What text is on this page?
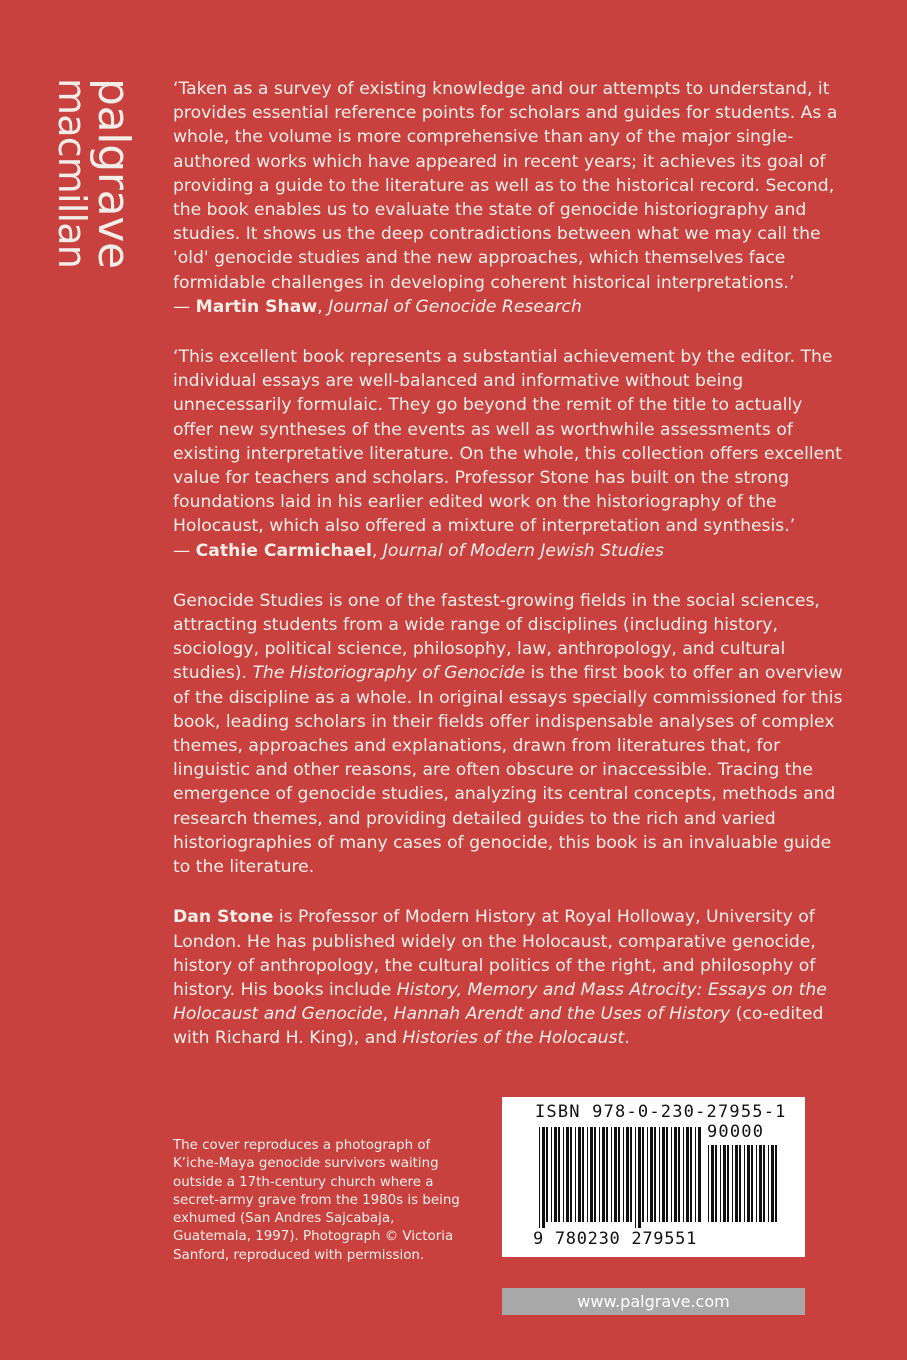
palgrave
macmillan	‘Taken as a survey of existing knowledge and our attempts to understand, it provides essential reference points for scholars and guides for students. As a whole, the volume is more comprehensive than any of the major single-authored works which have appeared in recent years; it achieves its goal of providing a guide to the literature as well as to the historical record. Second, the book enables us to evaluate the state of genocide historiography and studies. It shows us the deep contradictions between what we may call the 'old' genocide studies and the new approaches, which themselves face formidable challenges in developing coherent historical interpretations.’
— Martin Shaw, Journal of Genocide Research
‘This excellent book represents a substantial achievement by the editor. The individual essays are well-balanced and informative without being unnecessarily formulaic. They go beyond the remit of the title to actually offer new syntheses of the events as well as worthwhile assessments of existing interpretative literature. On the whole, this collection offers excellent value for teachers and scholars. Professor Stone has built on the strong foundations laid in his earlier edited work on the historiography of the Holocaust, which also offered a mixture of interpretation and synthesis.’
— Cathie Carmichael, Journal of Modern Jewish Studies
Genocide Studies is one of the fastest-growing fields in the social sciences, attracting students from a wide range of disciplines (including history, sociology, political science, philosophy, law, anthropology, and cultural studies). The Historiography of Genocide is the first book to offer an overview of the discipline as a whole. In original essays specially commissioned for this book, leading scholars in their fields offer indispensable analyses of complex themes, approaches and explanations, drawn from literatures that, for linguistic and other reasons, are often obscure or inaccessible. Tracing the emergence of genocide studies, analyzing its central concepts, methods and research themes, and providing detailed guides to the rich and varied historiographies of many cases of genocide, this book is an invaluable guide to the literature.
Dan Stone is Professor of Modern History at Royal Holloway, University of London. He has published widely on the Holocaust, comparative genocide, history of anthropology, the cultural politics of the right, and philosophy of history. His books include History, Memory and Mass Atrocity: Essays on the Holocaust and Genocide, Hannah Arendt and the Uses of History (co-edited with Richard H. King), and Histories of the Holocaust.
The cover reproduces a photograph of K’iche-Maya genocide survivors waiting outside a 17th-century church where a secret-army grave from the 1980s is being exhumed (San Andres Sajcabaja, Guatemala, 1997). Photograph © Victoria Sanford, reproduced with permission.
ISBN 978-0-230-27955-1
90000
9 780230 279551
www.palgrave.com
